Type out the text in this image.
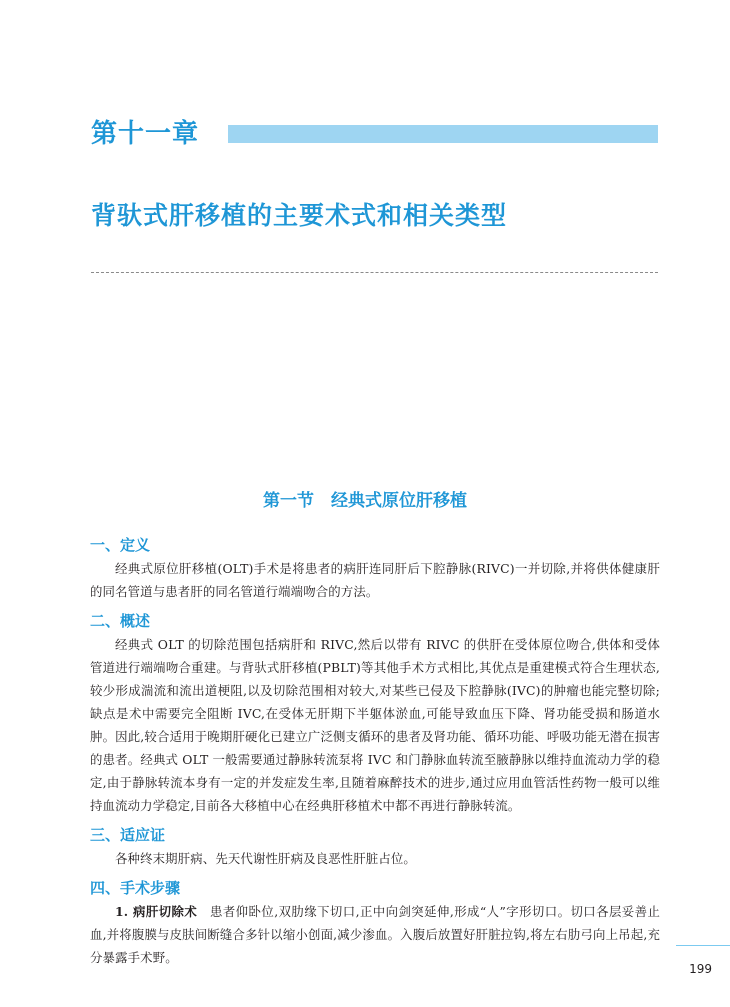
第十一章
背驮式肝移植的主要术式和相关类型
第一节　经典式原位肝移植
一、定义

经典式原位肝移植(OLT)手术是将患者的病肝连同肝后下腔静脉(RIVC)一并切除,并将供体健康肝的同名管道与患者肝的同名管道行端端吻合的方法。

二、概述

经典式 OLT 的切除范围包括病肝和 RIVC,然后以带有 RIVC 的供肝在受体原位吻合,供体和受体管道进行端端吻合重建。与背驮式肝移植(PBLT)等其他手术方式相比,其优点是重建模式符合生理状态,较少形成湍流和流出道梗阻,以及切除范围相对较大,对某些已侵及下腔静脉(IVC)的肿瘤也能完整切除;缺点是术中需要完全阻断 IVC,在受体无肝期下半躯体淤血,可能导致血压下降、肾功能受损和肠道水肿。因此,较合适用于晚期肝硬化已建立广泛侧支循环的患者及肾功能、循环功能、呼吸功能无潜在损害的患者。经典式 OLT 一般需要通过静脉转流泵将 IVC 和门静脉血转流至腋静脉以维持血流动力学的稳定,由于静脉转流本身有一定的并发症发生率,且随着麻醉技术的进步,通过应用血管活性药物一般可以维持血流动力学稳定,目前各大移植中心在经典肝移植术中都不再进行静脉转流。

三、适应证

各种终末期肝病、先天代谢性肝病及良恶性肝脏占位。

四、手术步骤

1. 病肝切除术　 患者仰卧位,双肋缘下切口,正中向剑突延伸,形成“人”字形切口。切口各层妥善止血,并将腹膜与皮肤间断缝合多针以缩小创面,减少渗血。入腹后放置好肝脏拉钩,将左右肋弓向上吊起,充分暴露手术野。

199
